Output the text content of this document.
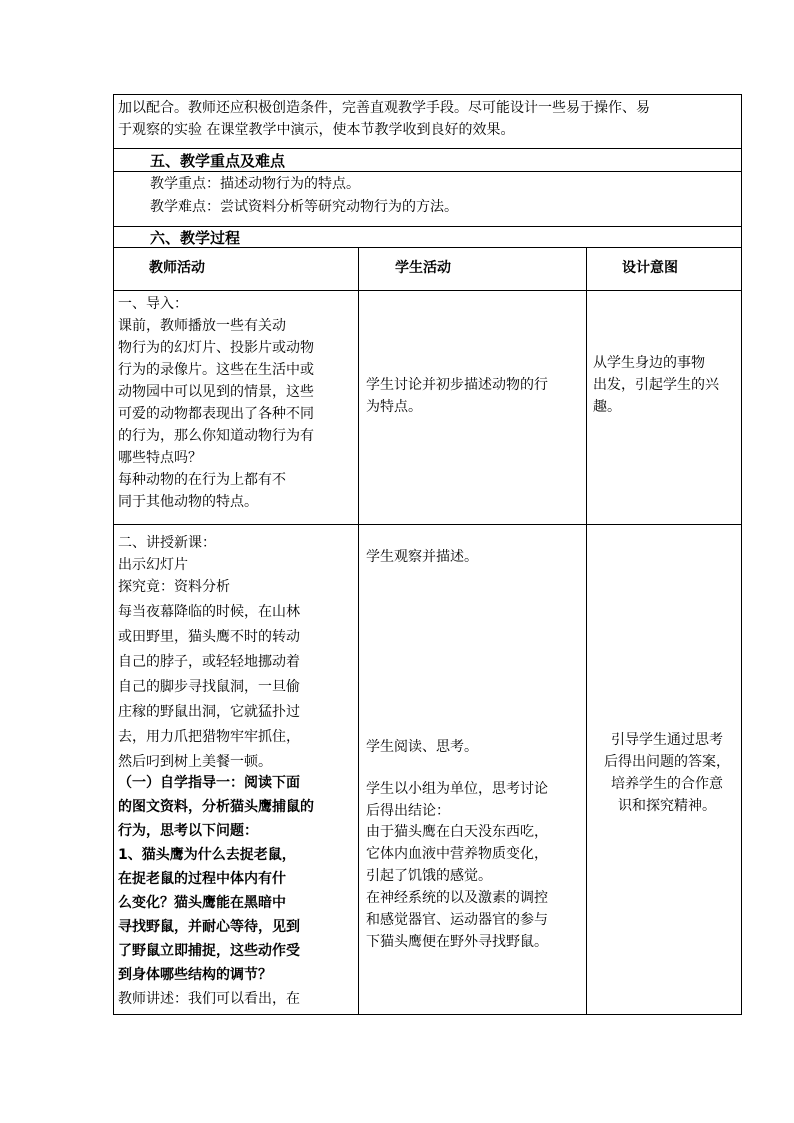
加以配合。教师还应积极创造条件，完善直观教学手段。尽可能设计一些易于操作、易
于观察的实验 在课堂教学中演示，使本节教学收到良好的效果。
五、教学重点及难点
教学重点：描述动物行为的特点。
教学难点：尝试资料分析等研究动物行为的方法。
六、教学过程
教师活动	学生活动	设计意图

一、导入：

课前，教师播放一些有关动

物行为的幻灯片、投影片或动物

行为的录像片。这些在生活中或

动物园中可以见到的情景，这些

可爱的动物都表现出了各种不同

的行为，那么你知道动物行为有

哪些特点吗？

每种动物的在行为上都有不

同于其他动物的特点。

学生讨论并初步描述动物的行

为特点。

从学生身边的事物

出发，引起学生的兴

趣。

二、讲授新课：

出示幻灯片

探究竟：资料分析

每当夜幕降临的时候，在山林

或田野里，猫头鹰不时的转动

自己的脖子，或轻轻地挪动着

自己的脚步寻找鼠洞，一旦偷

庄稼的野鼠出洞，它就猛扑过

去，用力爪把猎物牢牢抓住，

然后叼到树上美餐一顿。

（一）自学指导一：阅读下面

的图文资料，分析猫头鹰捕鼠的

行为，思考以下问题：

1、猫头鹰为什么去捉老鼠，

在捉老鼠的过程中体内有什

么变化？猫头鹰能在黑暗中

寻找野鼠，并耐心等待，见到

了野鼠立即捕捉，这些动作受

到身体哪些结构的调节？

教师讲述：我们可以看出，在
学生观察并描述。
学生阅读、思考。

学生以小组为单位，思考讨论

后得出结论：

由于猫头鹰在白天没东西吃，

它体内血液中营养物质变化，

引起了饥饿的感觉。

在神经系统的以及激素的调控

和感觉器官、运动器官的参与

下猫头鹰便在野外寻找野鼠。

引导学生通过思考

后得出问题的答案，

培养学生的合作意

识和探究精神。
